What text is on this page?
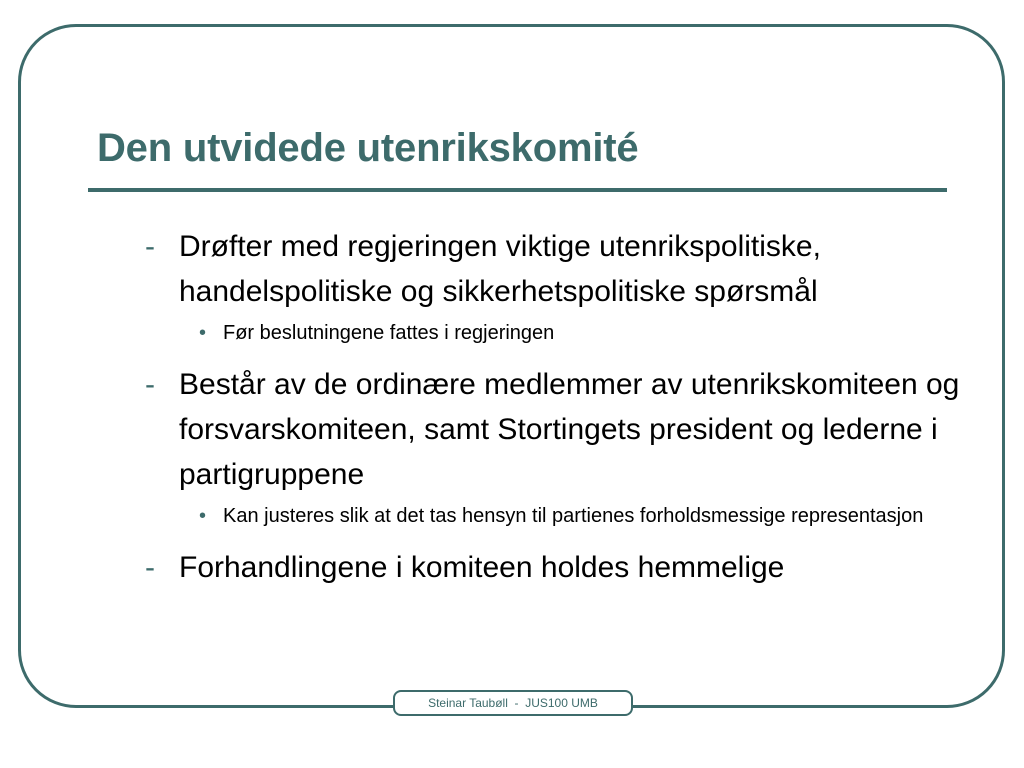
Den utvidede utenrikskomité
- Drøfter med regjeringen viktige utenrikspolitiske, handelspolitiske og sikkerhetspolitiske spørsmål
• Før beslutningene fattes i regjeringen
- Består av de ordinære medlemmer av utenrikskomiteen og forsvarskomiteen, samt Stortingets president og lederne i partigruppene
• Kan justeres slik at det tas hensyn til partienes forholdsmessige representasjon
- Forhandlingene i komiteen holdes hemmelige
Steinar Taubøll  -  JUS100 UMB
